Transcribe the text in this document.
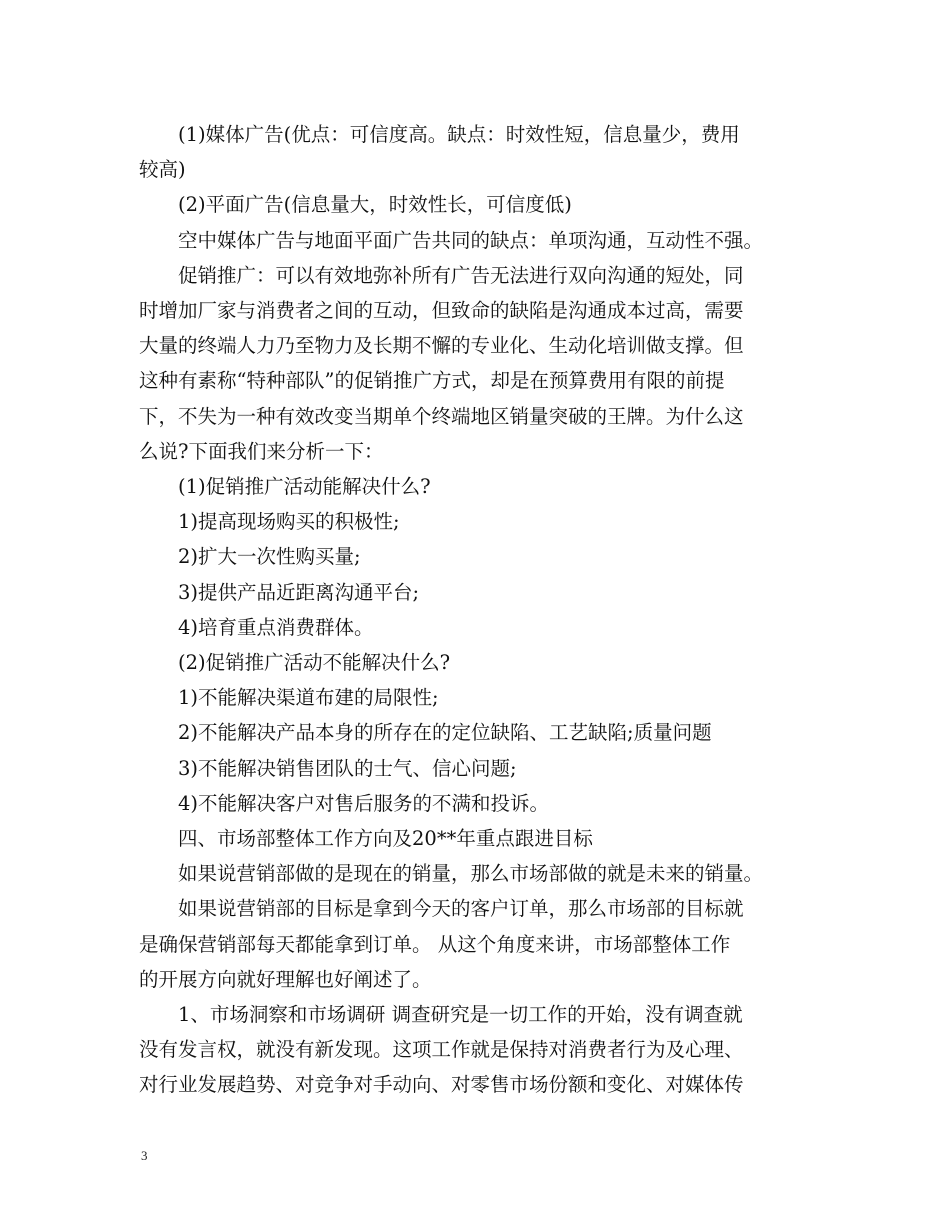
(1)媒体广告(优点：可信度高。缺点：时效性短，信息量少，费用
较高)

(2)平面广告(信息量大，时效性长，可信度低)

空中媒体广告与地面平面广告共同的缺点：单项沟通，互动性不强。

促销推广：可以有效地弥补所有广告无法进行双向沟通的短处，同
时增加厂家与消费者之间的互动，但致命的缺陷是沟通成本过高，需要
大量的终端人力乃至物力及长期不懈的专业化、生动化培训做支撑。但
这种有素称“特种部队”的促销推广方式，却是在预算费用有限的前提
下，不失为一种有效改变当期单个终端地区销量突破的王牌。为什么这
么说?下面我们来分析一下：

(1)促销推广活动能解决什么?

1)提高现场购买的积极性;

2)扩大一次性购买量;

3)提供产品近距离沟通平台;

4)培育重点消费群体。

(2)促销推广活动不能解决什么?

1)不能解决渠道布建的局限性;

2)不能解决产品本身的所存在的定位缺陷、工艺缺陷;质量问题

3)不能解决销售团队的士气、信心问题;

4)不能解决客户对售后服务的不满和投诉。

四、市场部整体工作方向及20**年重点跟进目标

如果说营销部做的是现在的销量，那么市场部做的就是未来的销量。

如果说营销部的目标是拿到今天的客户订单，那么市场部的目标就
是确保营销部每天都能拿到订单。 从这个角度来讲，市场部整体工作
的开展方向就好理解也好阐述了。

1、市场洞察和市场调研 调查研究是一切工作的开始，没有调查就
没有发言权，就没有新发现。这项工作就是保持对消费者行为及心理、
对行业发展趋势、对竞争对手动向、对零售市场份额和变化、对媒体传

3
